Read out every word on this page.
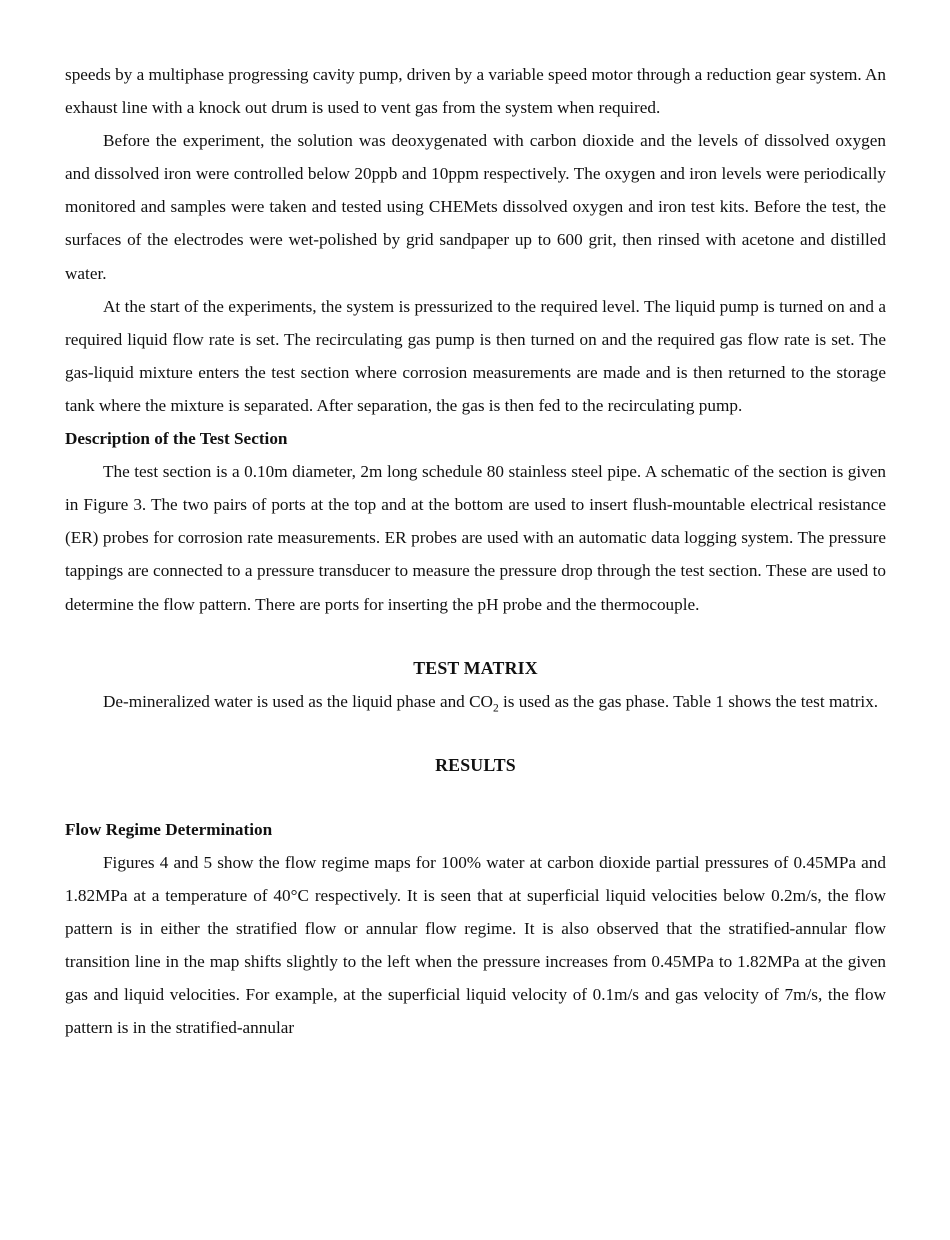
speeds by a multiphase progressing cavity pump, driven by a variable speed motor through a reduction gear system. An exhaust line with a knock out drum is used to vent gas from the system when required.

Before the experiment, the solution was deoxygenated with carbon dioxide and the levels of dissolved oxygen and dissolved iron were controlled below 20ppb and 10ppm respectively. The oxygen and iron levels were periodically monitored and samples were taken and tested using CHEMets dissolved oxygen and iron test kits. Before the test, the surfaces of the electrodes were wet-polished by grid sandpaper up to 600 grit, then rinsed with acetone and distilled water.

At the start of the experiments, the system is pressurized to the required level. The liquid pump is turned on and a required liquid flow rate is set. The recirculating gas pump is then turned on and the required gas flow rate is set. The gas-liquid mixture enters the test section where corrosion measurements are made and is then returned to the storage tank where the mixture is separated. After separation, the gas is then fed to the recirculating pump.

Description of the Test Section

The test section is a 0.10m diameter, 2m long schedule 80 stainless steel pipe. A schematic of the section is given in Figure 3. The two pairs of ports at the top and at the bottom are used to insert flush-mountable electrical resistance (ER) probes for corrosion rate measurements. ER probes are used with an automatic data logging system. The pressure tappings are connected to a pressure transducer to measure the pressure drop through the test section. These are used to determine the flow pattern. There are ports for inserting the pH probe and the thermocouple.

TEST MATRIX

De-mineralized water is used as the liquid phase and $CO_2$ is used as the gas phase. Table 1 shows the test matrix.

RESULTS
Flow Regime Determination

Figures 4 and 5 show the flow regime maps for 100% water at carbon dioxide partial pressures of 0.45MPa and 1.82MPa at a temperature of 40°C respectively. It is seen that at superficial liquid velocities below 0.2m/s, the flow pattern is in either the stratified flow or annular flow regime. It is also observed that the stratified-annular flow transition line in the map shifts slightly to the left when the pressure increases from 0.45MPa to 1.82MPa at the given gas and liquid velocities. For example, at the superficial liquid velocity of 0.1m/s and gas velocity of 7m/s, the flow pattern is in the stratified-annular
